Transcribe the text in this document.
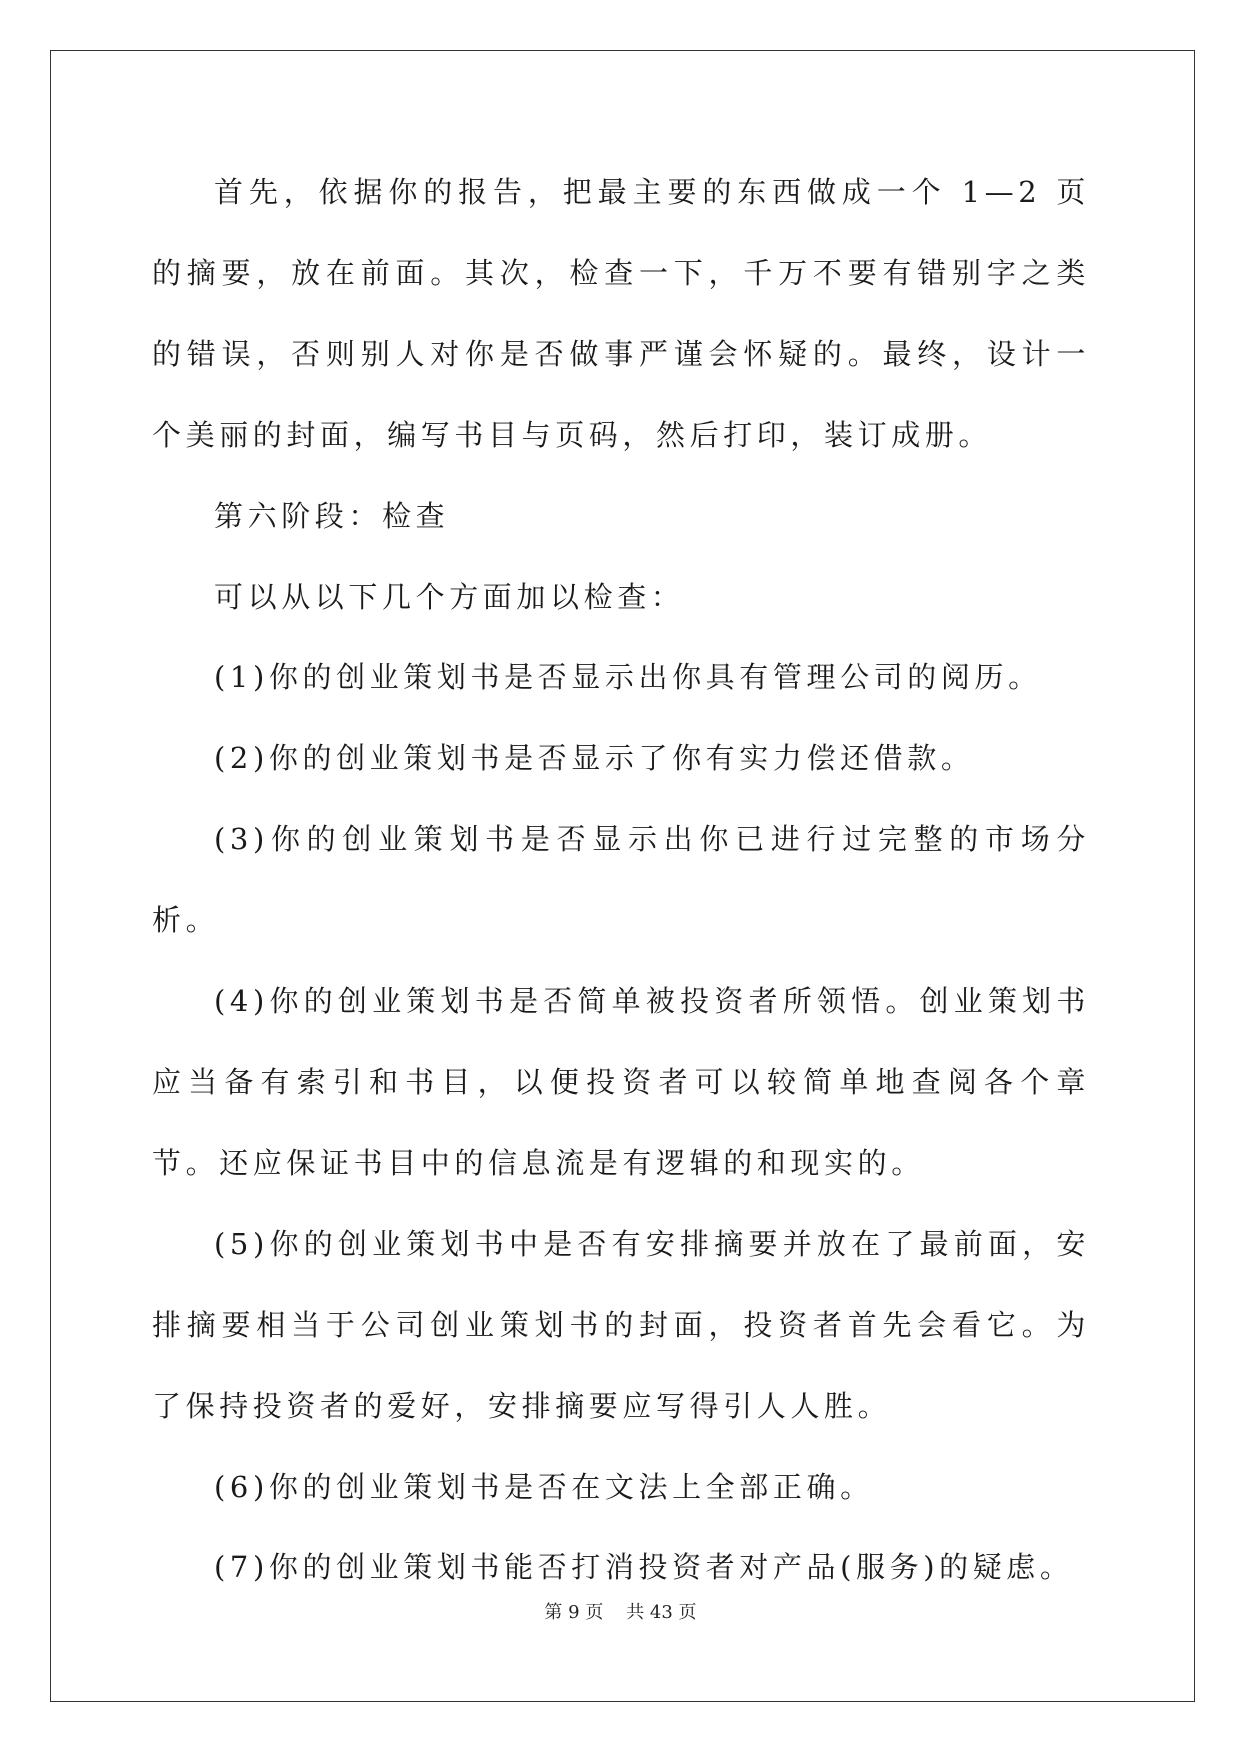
首先，依据你的报告，把最主要的东西做成一个 1—2 页的摘要，放在前面。其次，检查一下，千万不要有错别字之类的错误，否则别人对你是否做事严谨会怀疑的。最终，设计一个美丽的封面，编写书目与页码，然后打印，装订成册。

第六阶段：检查

可以从以下几个方面加以检查：

(1)你的创业策划书是否显示出你具有管理公司的阅历。

(2)你的创业策划书是否显示了你有实力偿还借款。

(3)你的创业策划书是否显示出你已进行过完整的市场分析。

(4)你的创业策划书是否简单被投资者所领悟。创业策划书应当备有索引和书目，以便投资者可以较简单地查阅各个章节。还应保证书目中的信息流是有逻辑的和现实的。

(5)你的创业策划书中是否有安排摘要并放在了最前面，安排摘要相当于公司创业策划书的封面，投资者首先会看它。为了保持投资者的爱好，安排摘要应写得引人人胜。

(6)你的创业策划书是否在文法上全部正确。

(7)你的创业策划书能否打消投资者对产品(服务)的疑虑。

第 9 页    共 43 页
